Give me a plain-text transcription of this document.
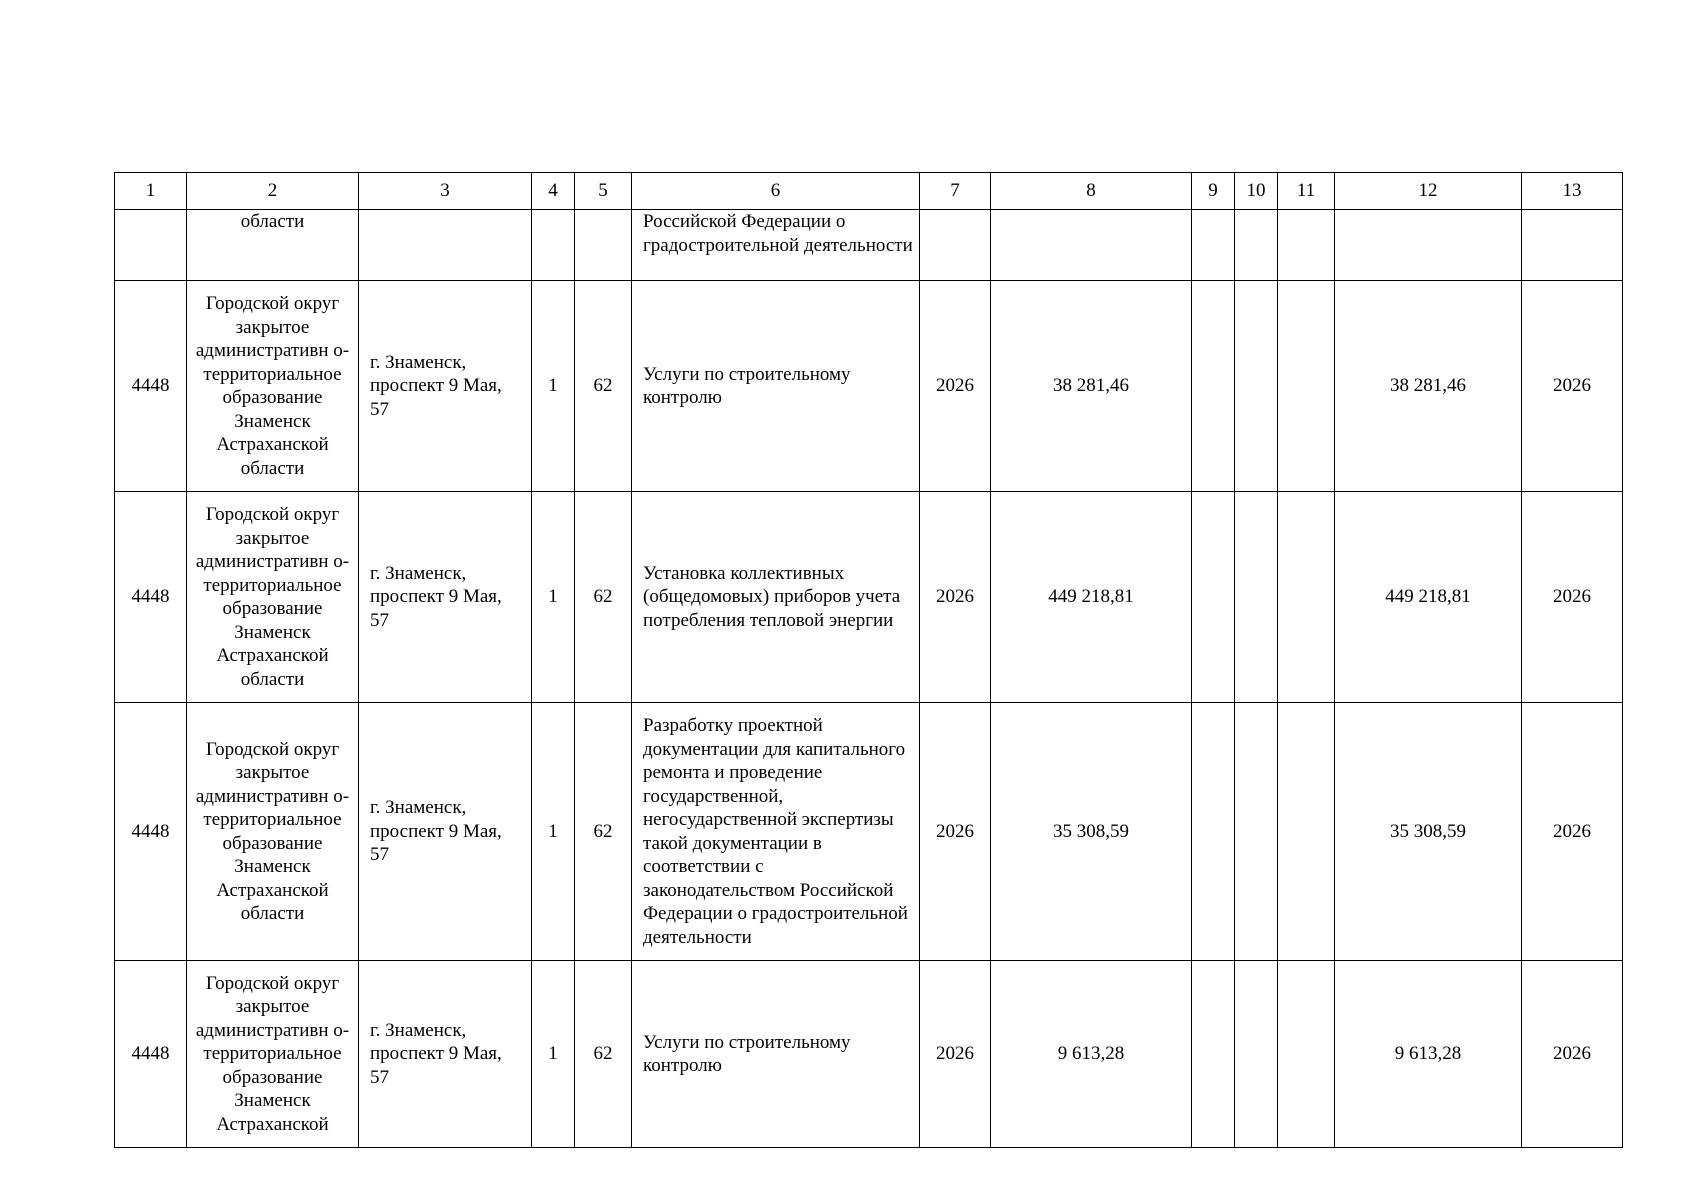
1	2	3	4	5	6	7	8	9	10	11	12	13
	области				Российской Федерации о градостроительной деятельности							
4448	Городской округ закрытое административн о-территориальное образование Знаменск Астраханской области	г. Знаменск, проспект 9 Мая, 57	1	62	Услуги по строительному контролю	2026	38 281,46				38 281,46	2026
4448	Городской округ закрытое административн о-территориальное образование Знаменск Астраханской области	г. Знаменск, проспект 9 Мая, 57	1	62	Установка коллективных (общедомовых) приборов учета потребления тепловой энергии	2026	449 218,81				449 218,81	2026
4448	Городской округ закрытое административн о-территориальное образование Знаменск Астраханской области	г. Знаменск, проспект 9 Мая, 57	1	62	Разработку проектной документации для капитального ремонта и проведение государственной, негосударственной экспертизы такой документации в соответствии с законодательством Российской Федерации о градостроительной деятельности	2026	35 308,59				35 308,59	2026
4448	Городской округ закрытое административн о-территориальное образование Знаменск Астраханской	г. Знаменск, проспект 9 Мая, 57	1	62	Услуги по строительному контролю	2026	9 613,28				9 613,28	2026
